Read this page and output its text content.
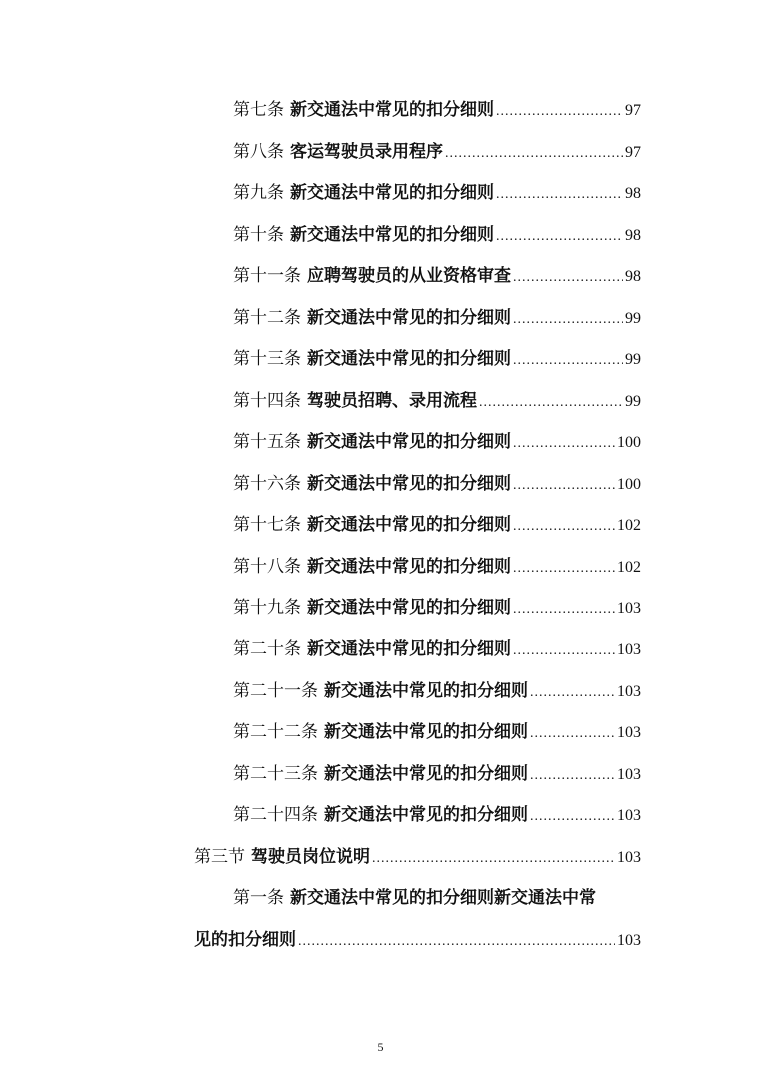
第七条 新交通法中常见的扣分细则 .....	97
第八条 客运驾驶员录用程序 .....	97
第九条 新交通法中常见的扣分细则 .....	98
第十条 新交通法中常见的扣分细则 .....	98
第十一条 应聘驾驶员的从业资格审查 .....	98
第十二条 新交通法中常见的扣分细则 .....	99
第十三条 新交通法中常见的扣分细则 .....	99
第十四条 驾驶员招聘、录用流程 .....	99
第十五条 新交通法中常见的扣分细则 .....	100
第十六条 新交通法中常见的扣分细则 .....	100
第十七条 新交通法中常见的扣分细则 .....	102
第十八条 新交通法中常见的扣分细则 .....	102
第十九条 新交通法中常见的扣分细则 .....	103
第二十条 新交通法中常见的扣分细则 .....	103
第二十一条 新交通法中常见的扣分细则 .....	103
第二十二条 新交通法中常见的扣分细则 .....	103
第二十三条 新交通法中常见的扣分细则 .....	103
第二十四条 新交通法中常见的扣分细则 .....	103
第三节 驾驶员岗位说明 .....	103
第一条 新交通法中常见的扣分细则新交通法中常
见的扣分细则 .....	103
5
